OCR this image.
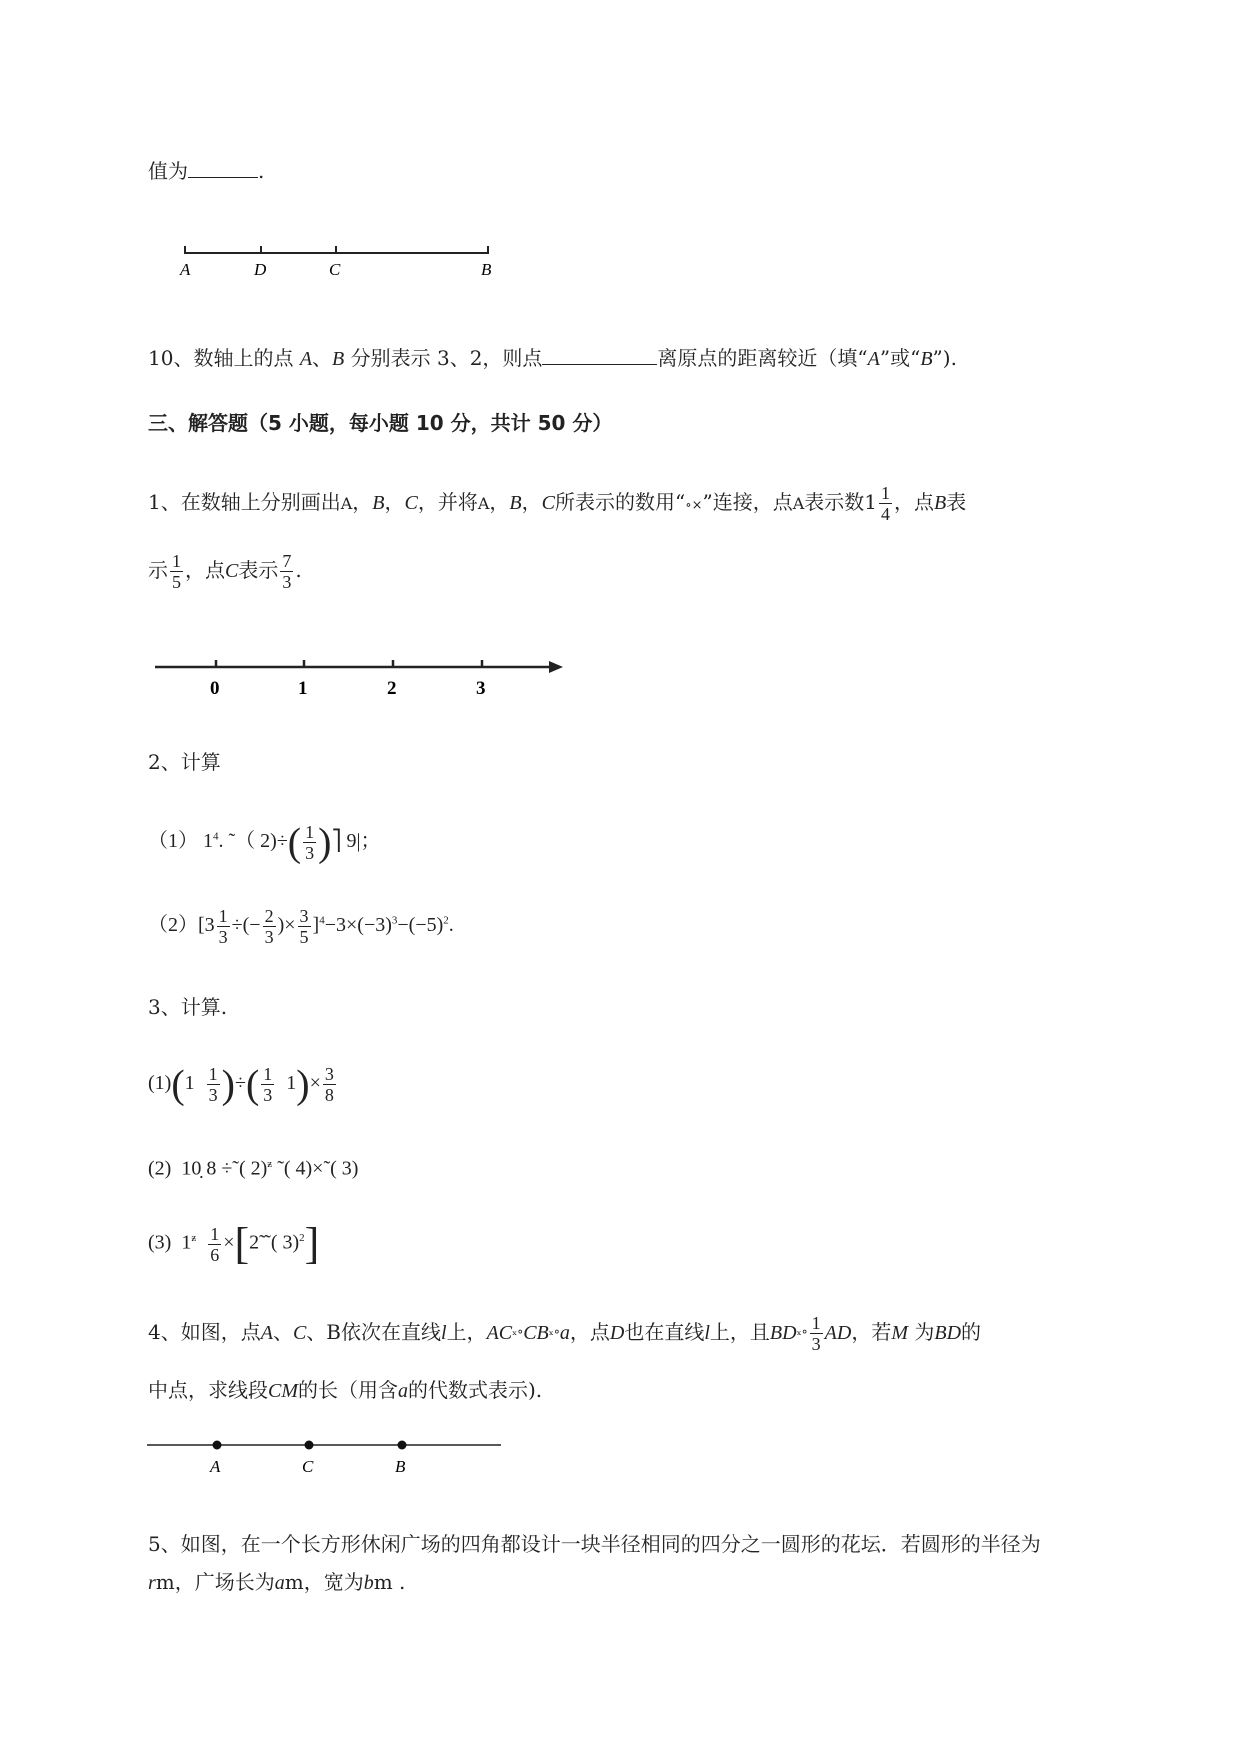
值为	.
A	D	C	B
10、数轴上的点 A、B 分别表示 3、2，则点	离原点的距离较近（填“A”或“B”).
三、解答题（5 小题，每小题 10 分，共计 50 分）
1、在数轴上分别画出A，B，C，并将A，B，C所表示的数用“∘×”连接，点A表示数$1 \frac{1}{4}$ ，点B表
示 $\frac{1}{5}$ ，点C表示 $\frac{7}{3}$ .
0	1	2	3
2、计算
（1） $1^4$. ˜（ $2)\div( \frac{1}{3}$ )⎤ 9|；
$(2)[3 \frac{1}{3}$ ÷(− $\frac{2}{3}$ )× $\frac{3}{5} ]^4-3\times(-3)^3-(-5)^2$.
3、计算.
$(1)(1 \frac{1}{3}$ )÷( $\frac{1}{3} 1)\times \frac{3}{8}$
(2) 10̣ 8 ÷˜( 2)$^ᵶ$ ˜( 4)×˜( 3)
(3) $1^ᵶ \frac{1}{6}$ ×[2̃ ˜( 3)$^2$]
4、如图，点A、C、B依次在直线l上，ACˣ°CBˣ°a，点D也在直线l上，且BDˣ° $\frac{1}{3}$ AD，若M 为BD的
中点，求线段CM的长（用含a的代数式表示).
A	C	B
5、如图，在一个长方形休闲广场的四角都设计一块半径相同的四分之一圆形的花坛．若圆形的半径为
rm，广场长为am，宽为bm .
